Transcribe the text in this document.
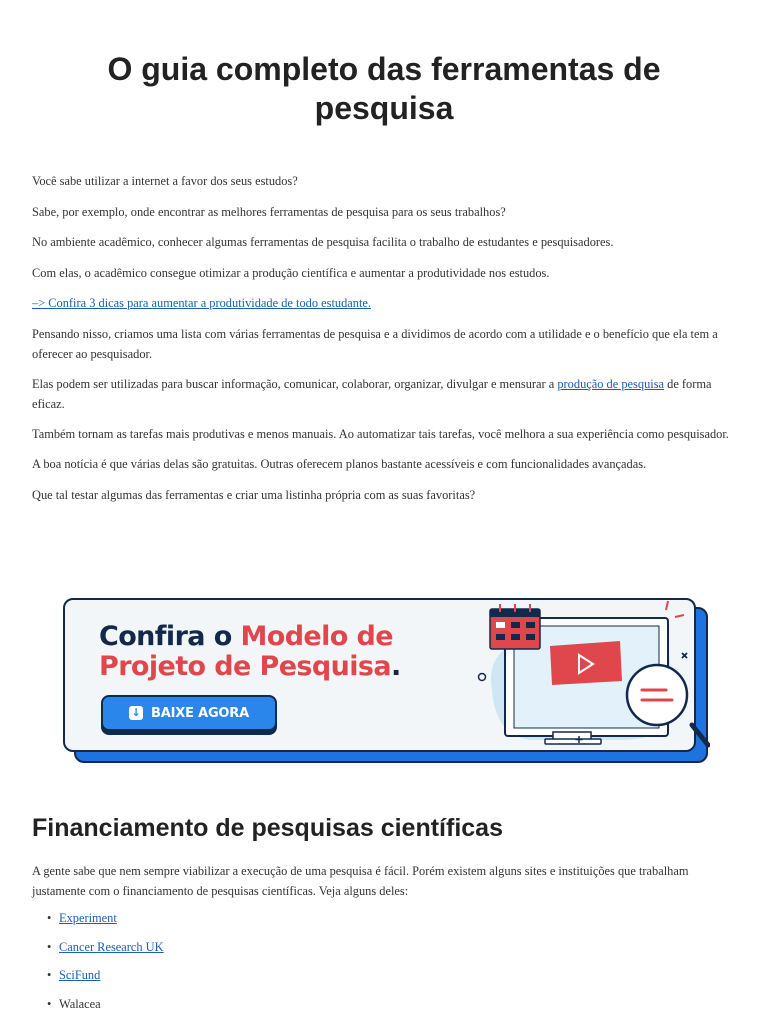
O guia completo das ferramentas de pesquisa

Você sabe utilizar a internet a favor dos seus estudos?

Sabe, por exemplo, onde encontrar as melhores ferramentas de pesquisa para os seus trabalhos?

No ambiente acadêmico, conhecer algumas ferramentas de pesquisa facilita o trabalho de estudantes e pesquisadores.

Com elas, o acadêmico consegue otimizar a produção científica e aumentar a produtividade nos estudos.

–> Confira 3 dicas para aumentar a produtividade de todo estudante.

Pensando nisso, criamos uma lista com várias ferramentas de pesquisa e a dividimos de acordo com a utilidade e o benefício que ela tem a oferecer ao pesquisador.

Elas podem ser utilizadas para buscar informação, comunicar, colaborar, organizar, divulgar e mensurar a produção de pesquisa de forma eficaz.

Também tornam as tarefas mais produtivas e menos manuais. Ao automatizar tais tarefas, você melhora a sua experiência como pesquisador.

A boa notícia é que várias delas são gratuitas. Outras oferecem planos bastante acessíveis e com funcionalidades avançadas.

Que tal testar algumas das ferramentas e criar uma listinha própria com as suas favoritas?

Confira o Modelo de
Projeto de Pesquisa.
↓ BAIXE AGORA
Financiamento de pesquisas científicas

A gente sabe que nem sempre viabilizar a execução de uma pesquisa é fácil. Porém existem alguns sites e instituições que trabalham justamente com o financiamento de pesquisas científicas. Veja alguns deles:

• Experiment
• Cancer Research UK
• SciFund
• Walacea
